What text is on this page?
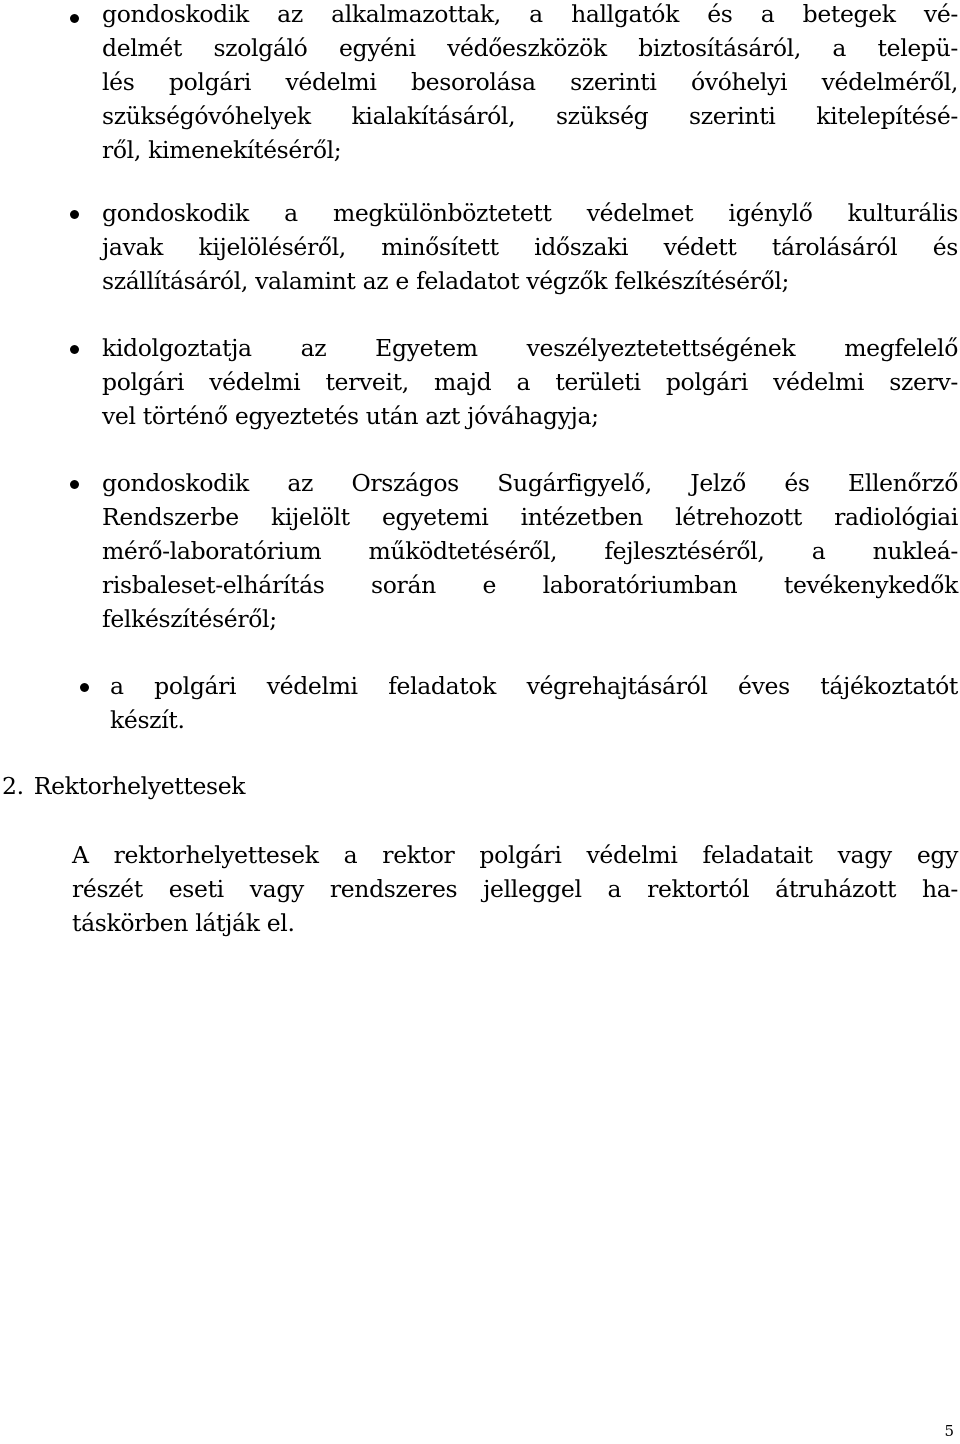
gondoskodik az alkalmazottak, a hallgatók és a betegek vé-
delmét szolgáló egyéni védőeszközök biztosításáról, a telepü-
lés polgári védelmi besorolása szerinti óvóhelyi védelméről,
szükségóvóhelyek kialakításáról, szükség szerinti kitelepítésé-
ről, kimenekítéséről;

gondoskodik a megkülönböztetett védelmet igénylő kulturális
javak kijelöléséről, minősített időszaki védett tárolásáról és
szállításáról, valamint az e feladatot végzők felkészítéséről;

kidolgoztatja az Egyetem veszélyeztetettségének megfelelő
polgári védelmi terveit, majd a területi polgári védelmi szerv-
vel történő egyeztetés után azt jóváhagyja;

gondoskodik az Országos Sugárfigyelő, Jelző és Ellenőrző
Rendszerbe kijelölt egyetemi intézetben létrehozott radiológiai
mérő-laboratórium működtetéséről, fejlesztéséről, a nukleá-
risbaleset-elhárítás során e laboratóriumban tevékenykedők
felkészítéséről;

a polgári védelmi feladatok végrehajtásáról éves tájékoztatót
készít.

2. Rektorhelyettesek

A rektorhelyettesek a rektor polgári védelmi feladatait vagy egy
részét eseti vagy rendszeres jelleggel a rektortól átruházott ha-
táskörben látják el.

5
